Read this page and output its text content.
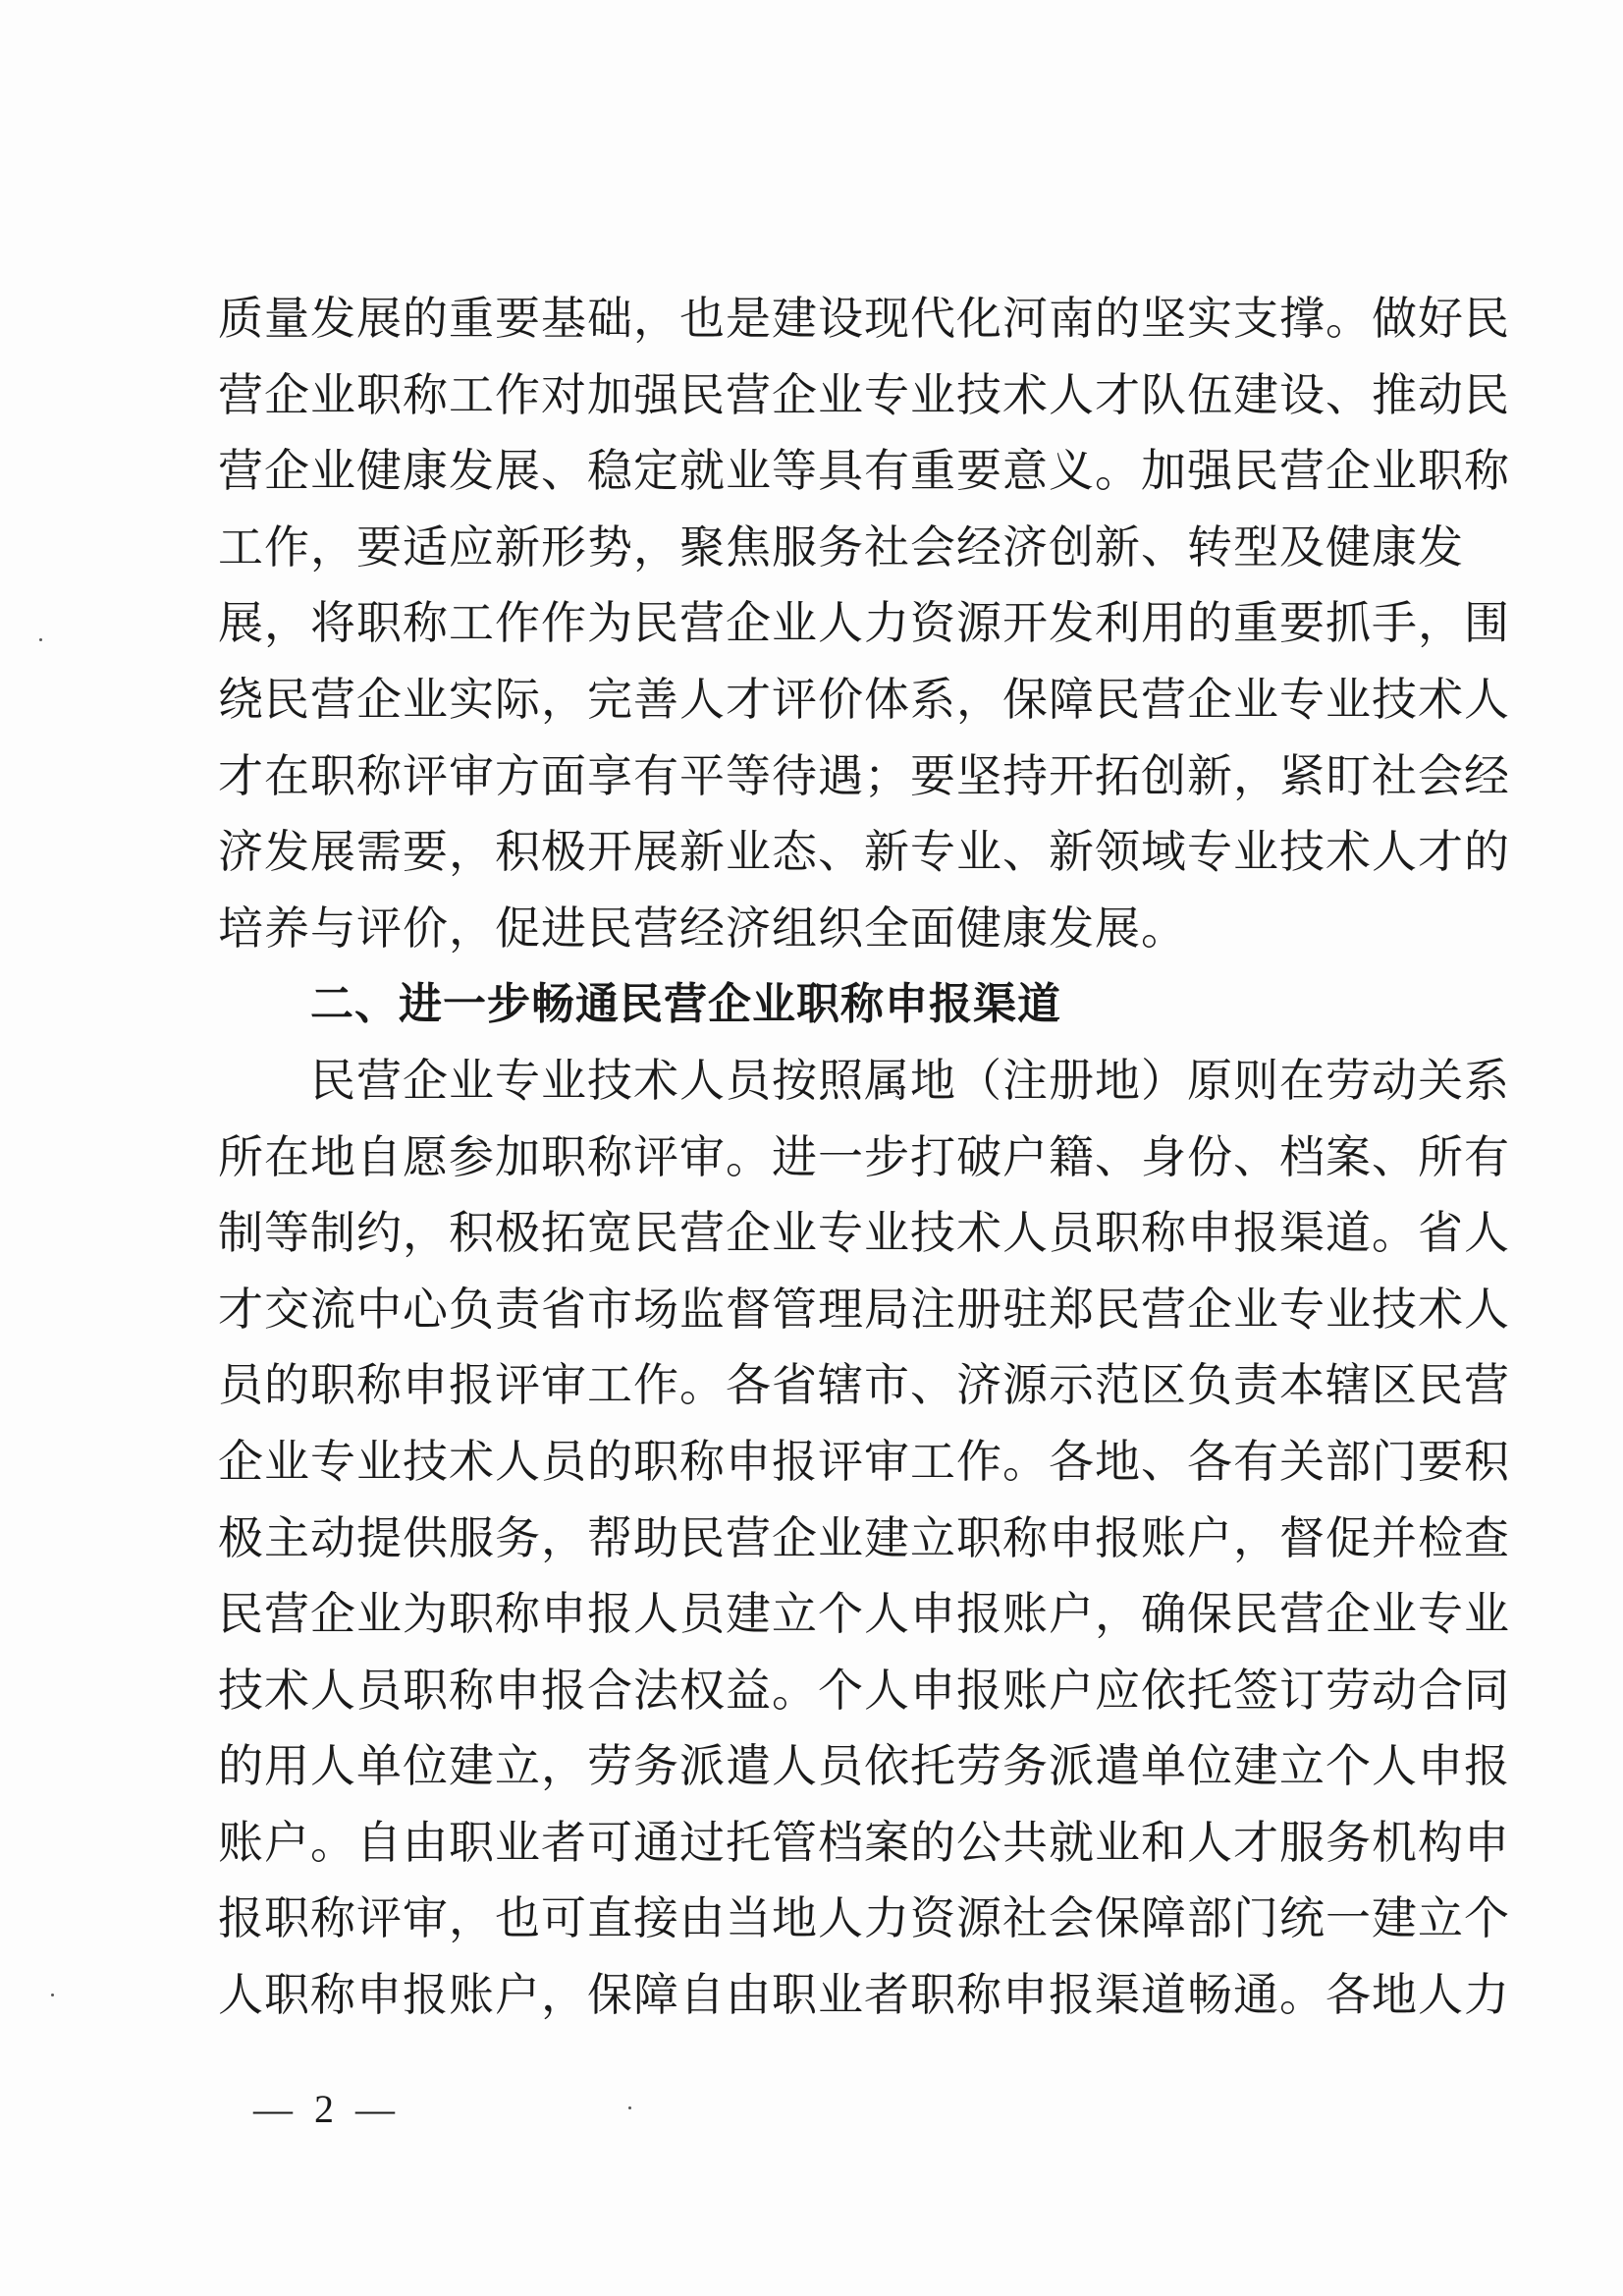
质量发展的重要基础，也是建设现代化河南的坚实支撑。做好民
营企业职称工作对加强民营企业专业技术人才队伍建设、推动民
营企业健康发展、稳定就业等具有重要意义。加强民营企业职称
工作，要适应新形势，聚焦服务社会经济创新、转型及健康发
展，将职称工作作为民营企业人力资源开发利用的重要抓手，围
绕民营企业实际，完善人才评价体系，保障民营企业专业技术人
才在职称评审方面享有平等待遇；要坚持开拓创新，紧盯社会经
济发展需要，积极开展新业态、新专业、新领域专业技术人才的
培养与评价，促进民营经济组织全面健康发展。
二、进一步畅通民营企业职称申报渠道
民营企业专业技术人员按照属地（注册地）原则在劳动关系
所在地自愿参加职称评审。进一步打破户籍、身份、档案、所有
制等制约，积极拓宽民营企业专业技术人员职称申报渠道。省人
才交流中心负责省市场监督管理局注册驻郑民营企业专业技术人
员的职称申报评审工作。各省辖市、济源示范区负责本辖区民营
企业专业技术人员的职称申报评审工作。各地、各有关部门要积
极主动提供服务，帮助民营企业建立职称申报账户，督促并检查
民营企业为职称申报人员建立个人申报账户，确保民营企业专业
技术人员职称申报合法权益。个人申报账户应依托签订劳动合同
的用人单位建立，劳务派遣人员依托劳务派遣单位建立个人申报
账户。自由职业者可通过托管档案的公共就业和人才服务机构申
报职称评审，也可直接由当地人力资源社会保障部门统一建立个
人职称申报账户，保障自由职业者职称申报渠道畅通。各地人力
— 2 —
